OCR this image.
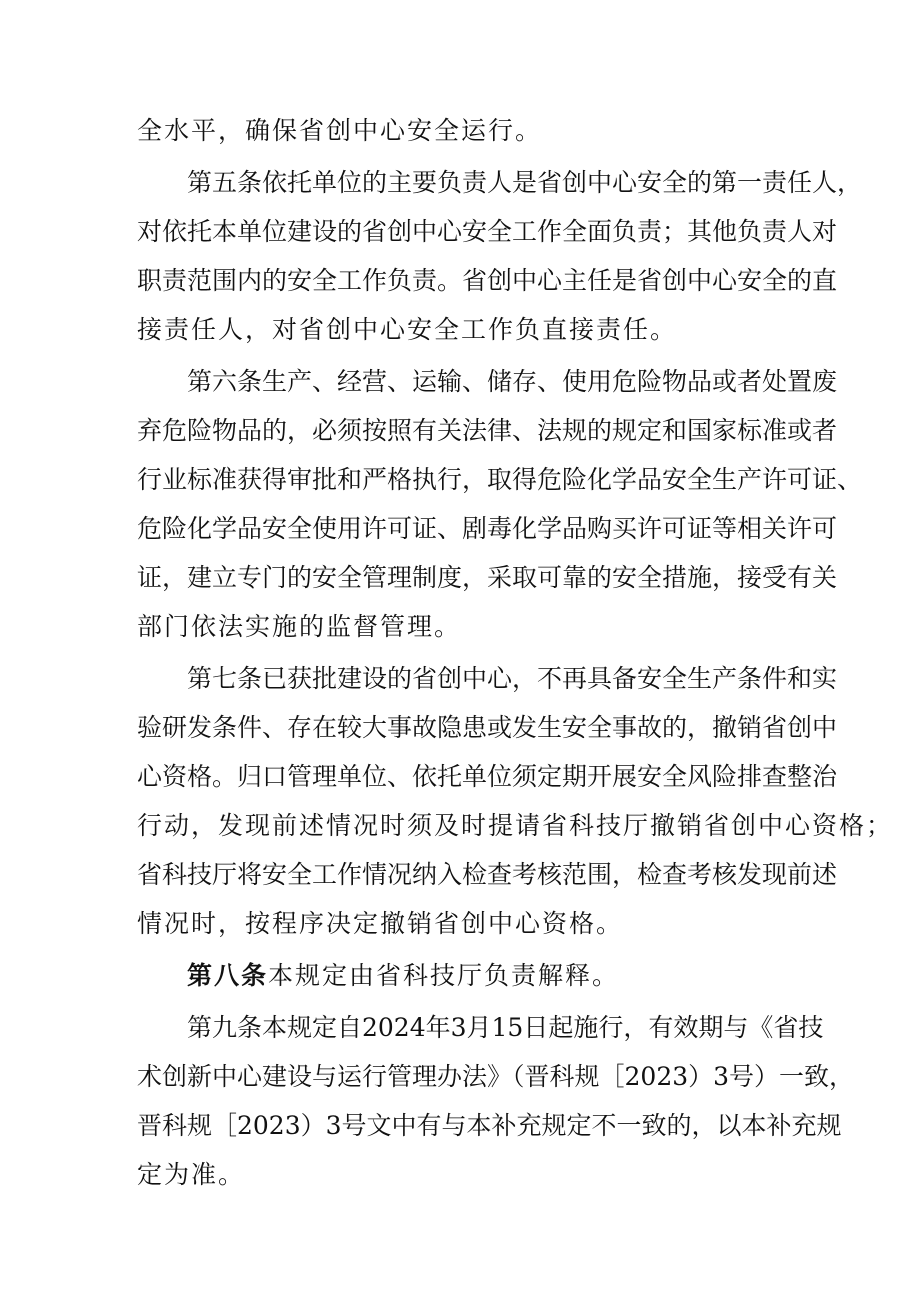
全水平，确保省创中心安全运行。
第五条依托单位的主要负责人是省创中心安全的第一责任人，
对依托本单位建设的省创中心安全工作全面负责；其他负责人对
职责范围内的安全工作负责。省创中心主任是省创中心安全的直
接责任人，对省创中心安全工作负直接责任。
第六条生产、经营、运输、储存、使用危险物品或者处置废
弃危险物品的，必须按照有关法律、法规的规定和国家标准或者
行业标准获得审批和严格执行，取得危险化学品安全生产许可证、
危险化学品安全使用许可证、剧毒化学品购买许可证等相关许可
证，建立专门的安全管理制度，采取可靠的安全措施，接受有关
部门依法实施的监督管理。
第七条已获批建设的省创中心，不再具备安全生产条件和实
验研发条件、存在较大事故隐患或发生安全事故的，撤销省创中
心资格。归口管理单位、依托单位须定期开展安全风险排查整治
行动，发现前述情况时须及时提请省科技厅撤销省创中心资格；
省科技厅将安全工作情况纳入检查考核范围，检查考核发现前述
情况时，按程序决定撤销省创中心资格。
第八条本规定由省科技厅负责解释。
第九条本规定自2024年3月15日起施行，有效期与《省技
术创新中心建设与运行管理办法》（晋科规［2023）3号）一致，
晋科规［2023）3号文中有与本补充规定不一致的，以本补充规
定为准。
